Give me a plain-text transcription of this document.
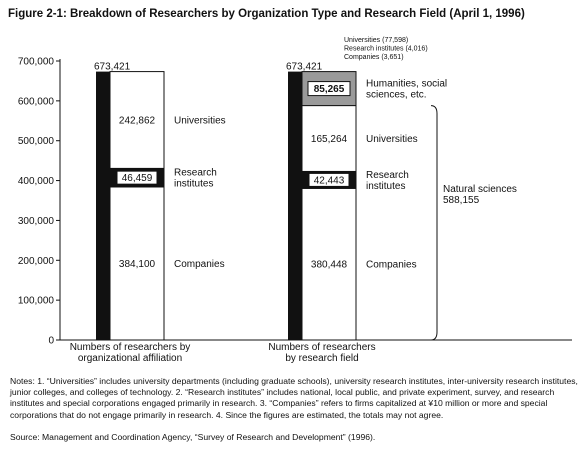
Figure 2-1: Breakdown of Researchers by Organization Type and Research Field (April 1, 1996)
0
100,000
200,000
300,000
400,000
500,000
600,000
700,000
384,100 Companies
46,459 Research
institutes
242,862 Universities
673,421
Numbers of researchers by
organizational affiliation
380,448 Companies
42,443 Research
institutes
165,264 Universities
85,265 Humanities, social
sciences, etc.
673,421
Numbers of researchers
by research field
Universities (77,598)
Research institutes (4,016)
Companies (3,651)
Natural sciences
588,155
Notes: 1. “Universities” includes university departments (including graduate schools), university research institutes, inter-university research institutes, junior colleges, and colleges of technology. 2. “Research institutes” includes national, local public, and private experiment, survey, and research institutes and special corporations engaged primarily in research. 3. “Companies” refers to firms capitalized at ¥10 million or more and special corporations that do not engage primarily in research. 4. Since the figures are estimated, the totals may not agree.
Source: Management and Coordination Agency, “Survey of Research and Development” (1996).
